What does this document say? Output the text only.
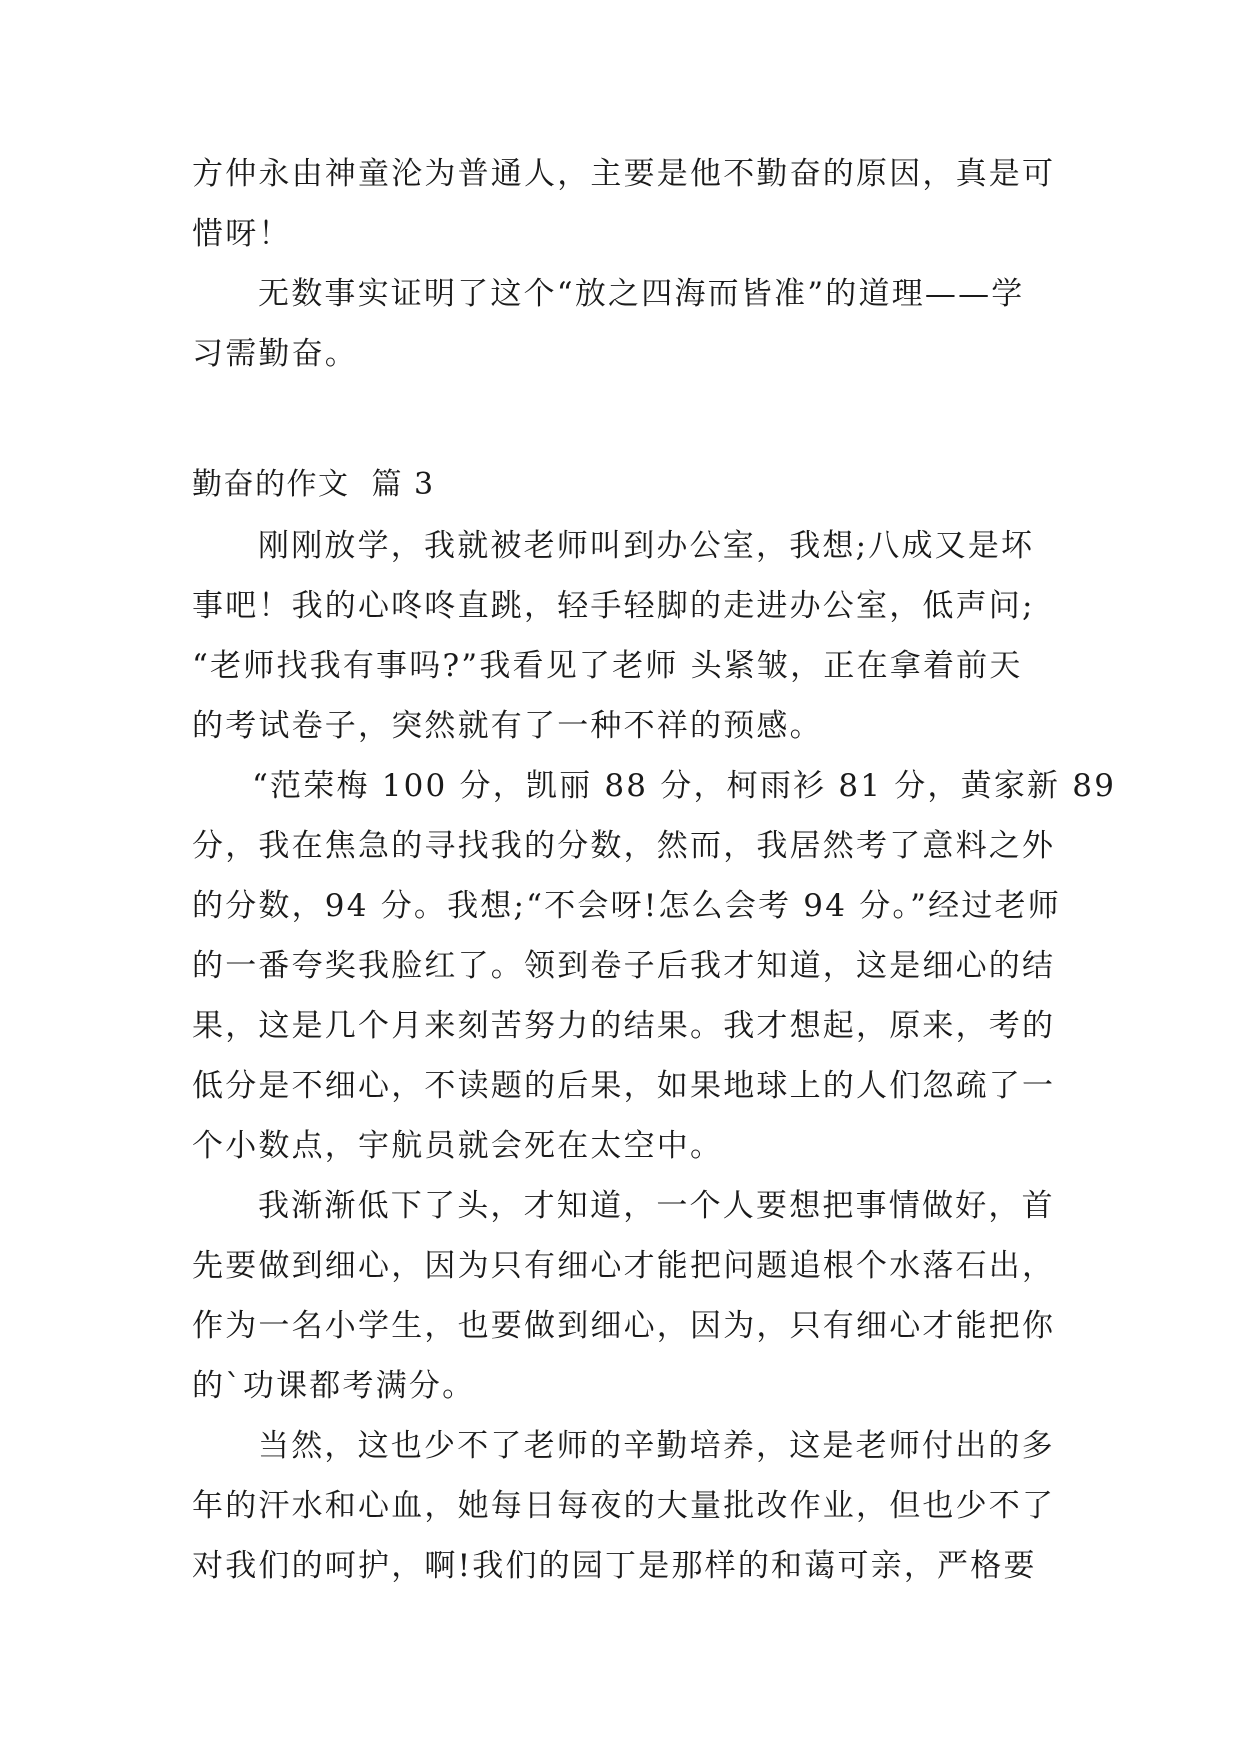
方仲永由神童沦为普通人，主要是他不勤奋的原因，真是可
惜呀！
无数事实证明了这个“放之四海而皆准”的道理——学
习需勤奋。
勤奋的作文 篇 3
刚刚放学，我就被老师叫到办公室，我想;八成又是坏
事吧！我的心咚咚直跳，轻手轻脚的走进办公室，低声问;
“老师找我有事吗?”我看见了老师 头紧皱，正在拿着前天
的考试卷子，突然就有了一种不祥的预感。
“范荣梅 100 分，凯丽 88 分，柯雨衫 81 分，黄家新 89
分，我在焦急的寻找我的分数，然而，我居然考了意料之外
的分数，94 分。我想;“不会呀!怎么会考 94 分。”经过老师
的一番夸奖我脸红了。领到卷子后我才知道，这是细心的结
果，这是几个月来刻苦努力的结果。我才想起，原来，考的
低分是不细心，不读题的后果，如果地球上的人们忽疏了一
个小数点，宇航员就会死在太空中。
我渐渐低下了头，才知道，一个人要想把事情做好，首
先要做到细心，因为只有细心才能把问题追根个水落石出，
作为一名小学生，也要做到细心，因为，只有细心才能把你
的`功课都考满分。
当然，这也少不了老师的辛勤培养，这是老师付出的多
年的汗水和心血，她每日每夜的大量批改作业，但也少不了
对我们的呵护，啊!我们的园丁是那样的和蔼可亲，严格要
